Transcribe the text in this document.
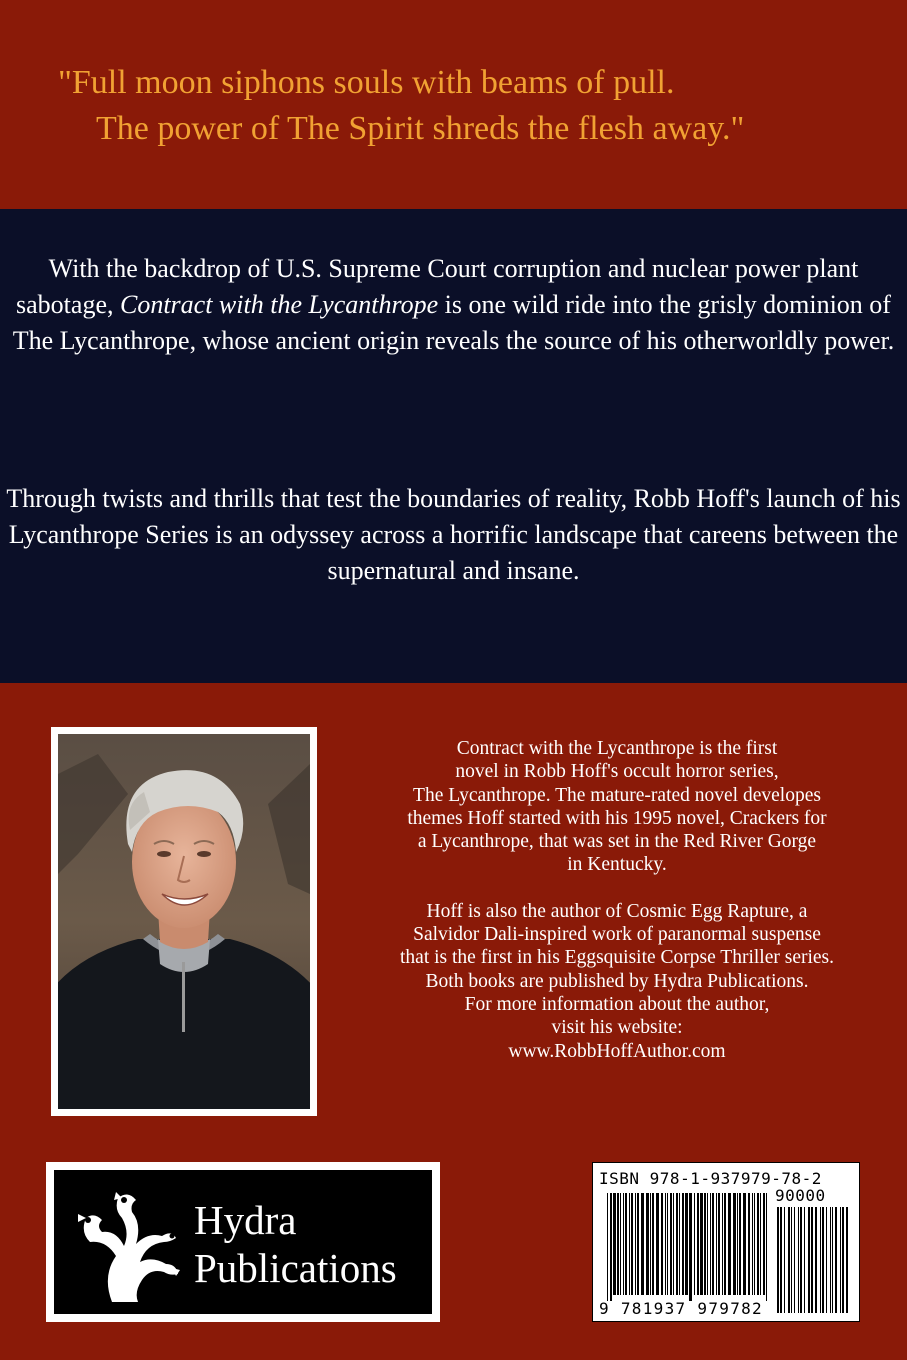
"Full moon siphons souls with beams of pull.
The power of The Spirit shreds the flesh away."

With the backdrop of U.S. Supreme Court corruption and nuclear power plant sabotage, Contract with the Lycanthrope is one wild ride into the grisly dominion of The Lycanthrope, whose ancient origin reveals the source of his otherworldly power.

Through twists and thrills that test the boundaries of reality, Robb Hoff's launch of his Lycanthrope Series is an odyssey across a horrific landscape that careens between the supernatural and insane.

Contract with the Lycanthrope is the first
novel in Robb Hoff's occult horror series,
The Lycanthrope. The mature-rated novel developes
themes Hoff started with his 1995 novel, Crackers for
a Lycanthrope, that was set in the Red River Gorge
in Kentucky.
Hoff is also the author of Cosmic Egg Rapture, a
Salvidor Dali-inspired work of paranormal suspense
that is the first in his Eggsquisite Corpse Thriller series.
Both books are published by Hydra Publications.
For more information about the author,
visit his website:
www.RobbHoffAuthor.com
Hydra
Publications
ISBN 978-1-937979-78-2
90000
9 781937 979782
